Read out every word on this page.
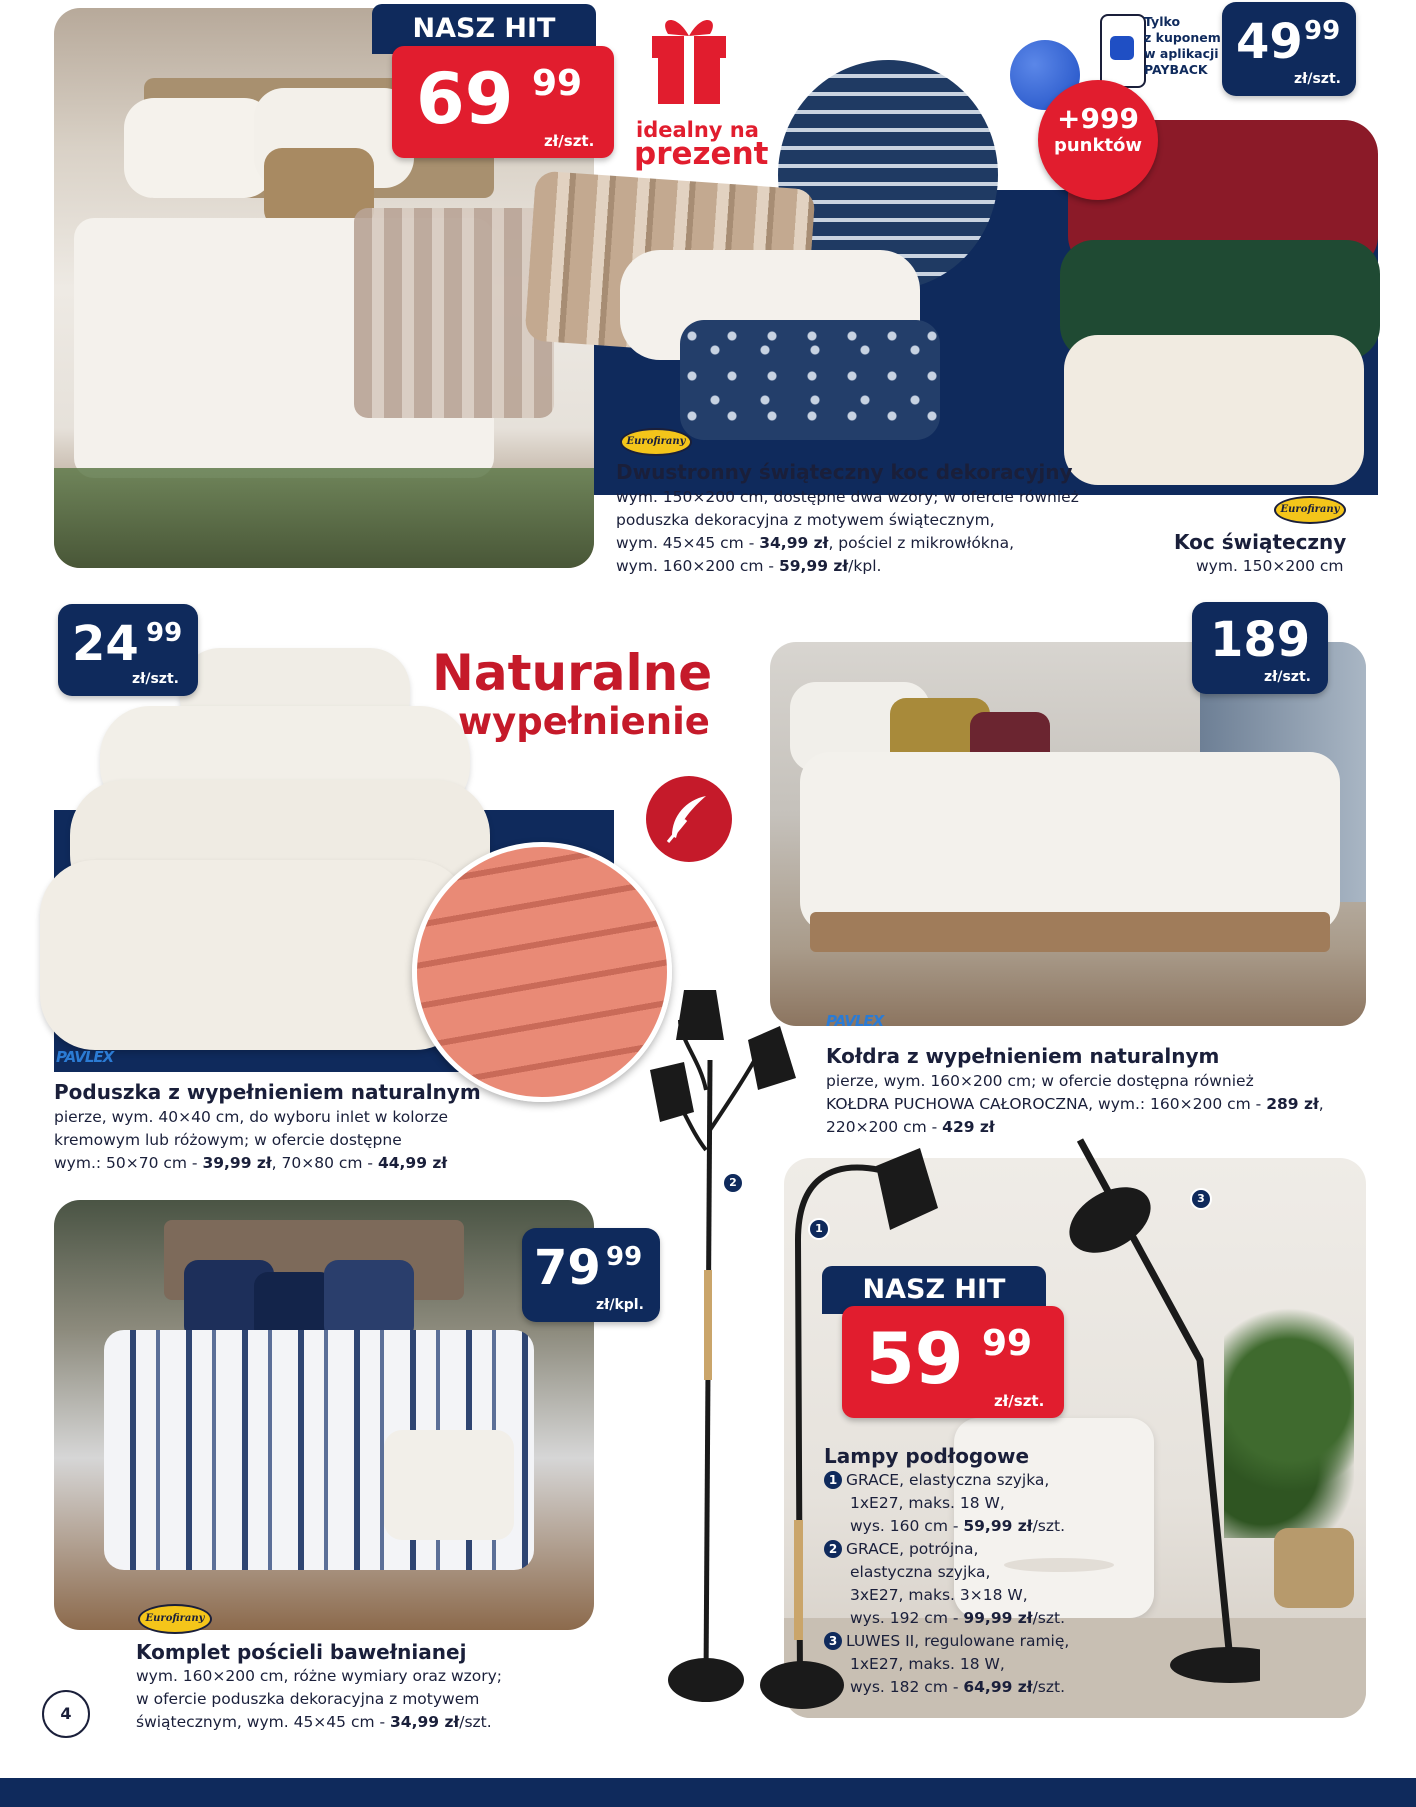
NASZ HIT
69 99
zł/szt. idealny na
prezent
Tylko
z kuponem
w aplikacji
PAYBACK 49 99
zł/szt.
+999
punktów
Eurofirany
Dwustronny świąteczny koc dekoracyjny
wym. 150×200 cm, dostępne dwa wzory; w ofercie również
poduszka dekoracyjna z motywem świątecznym,
wym. 45×45 cm - 34,99 zł, pościel z mikrowłókna,
wym. 160×200 cm - 59,99 zł/kpl.
Eurofirany
Koc świąteczny
wym. 150×200 cm
24 99
zł/szt.	Naturalne
wypełnienie
PAVLEX
Poduszka z wypełnieniem naturalnym
pierze, wym. 40×40 cm, do wyboru inlet w kolorze
kremowym lub różowym; w ofercie dostępne
wym.: 50×70 cm - 39,99 zł, 70×80 cm - 44,99 zł
189
zł/szt.
PAVLEX
Kołdra z wypełnieniem naturalnym
pierze, wym. 160×200 cm; w ofercie dostępna również
KOŁDRA PUCHOWA CAŁOROCZNA, wym.: 160×200 cm - 289 zł,
220×200 cm - 429 zł
79 99
zł/kpl.
Eurofirany
Komplet pościeli bawełnianej
wym. 160×200 cm, różne wymiary oraz wzory;
w ofercie poduszka dekoracyjna z motywem
świątecznym, wym. 45×45 cm - 34,99 zł/szt.
4
2
1
3
NASZ HIT
59 99
zł/szt.
Lampy podłogowe
1 GRACE, elastyczna szyjka,
1xE27, maks. 18 W,
wys. 160 cm - 59,99 zł/szt.
2 GRACE, potrójna,
elastyczna szyjka,
3xE27, maks. 3×18 W,
wys. 192 cm - 99,99 zł/szt.
3 LUWES II, regulowane ramię,
1xE27, maks. 18 W,
wys. 182 cm - 64,99 zł/szt.
